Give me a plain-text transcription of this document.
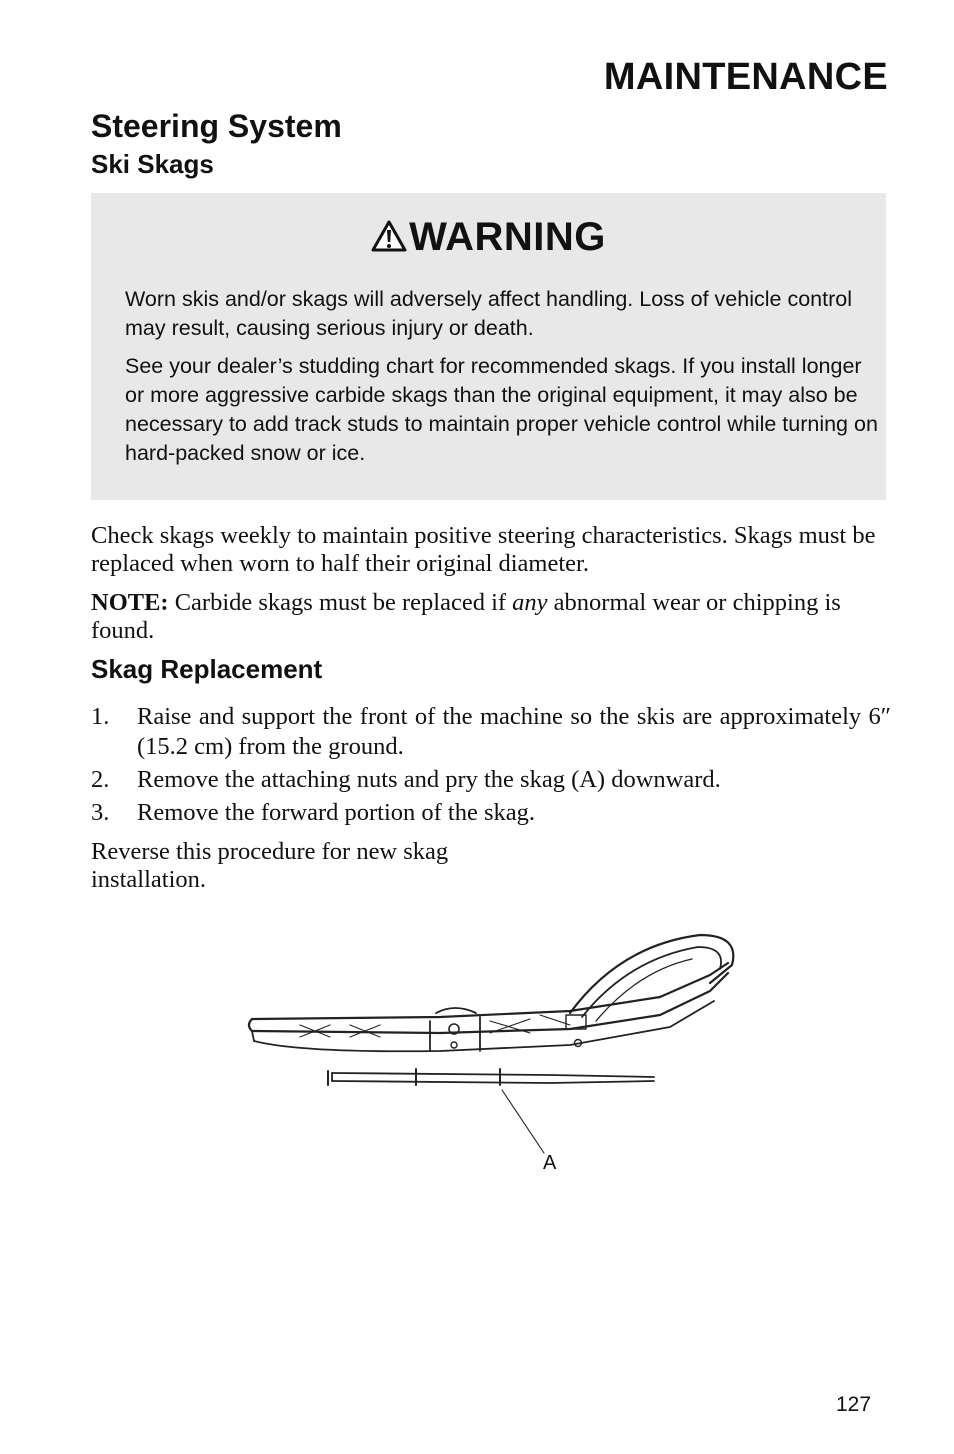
MAINTENANCE
Steering System
Ski Skags
WARNING

Worn skis and/or skags will adversely affect handling. Loss of vehicle control may result, causing serious injury or death.

See your dealer’s studding chart for recommended skags. If you install longer or more aggressive carbide skags than the original equipment, it may also be necessary to add track studs to maintain proper vehicle control while turning on hard-packed snow or ice.

Check skags weekly to maintain positive steering characteristics. Skags must be replaced when worn to half their original diameter.

NOTE: Carbide skags must be replaced if any abnormal wear or chipping is found.

Skag Replacement
1. Raise and support the front of the machine so the skis are approximately 6″ (15.2 cm) from the ground.
2. Remove the attaching nuts and pry the skag (A) downward.
3. Remove the forward portion of the skag.

Reverse this procedure for new skag installation.

A
127
